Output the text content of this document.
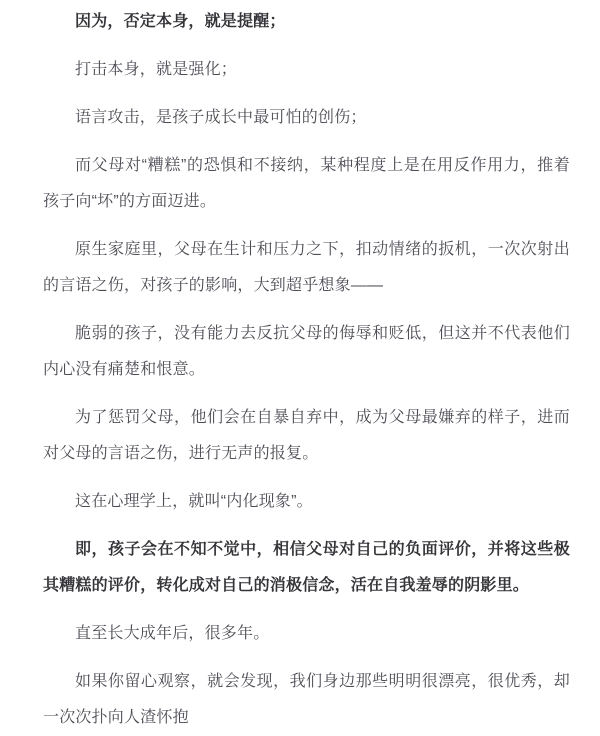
因为，否定本身，就是提醒；

打击本身，就是强化；

语言攻击，是孩子成长中最可怕的创伤；

而父母对“糟糕”的恐惧和不接纳，某种程度上是在用反作用力，推着孩子向“坏”的方面迈进。

原生家庭里，父母在生计和压力之下，扣动情绪的扳机，一次次射出的言语之伤，对孩子的影响，大到超乎想象——

脆弱的孩子，没有能力去反抗父母的侮辱和贬低，但这并不代表他们内心没有痛楚和恨意。

为了惩罚父母，他们会在自暴自弃中，成为父母最嫌弃的样子，进而对父母的言语之伤，进行无声的报复。

这在心理学上，就叫“内化现象”。

即，孩子会在不知不觉中，相信父母对自己的负面评价，并将这些极其糟糕的评价，转化成对自己的消极信念，活在自我羞辱的阴影里。

直至长大成年后，很多年。

如果你留心观察，就会发现，我们身边那些明明很漂亮，很优秀，却一次次扑向人渣怀抱
